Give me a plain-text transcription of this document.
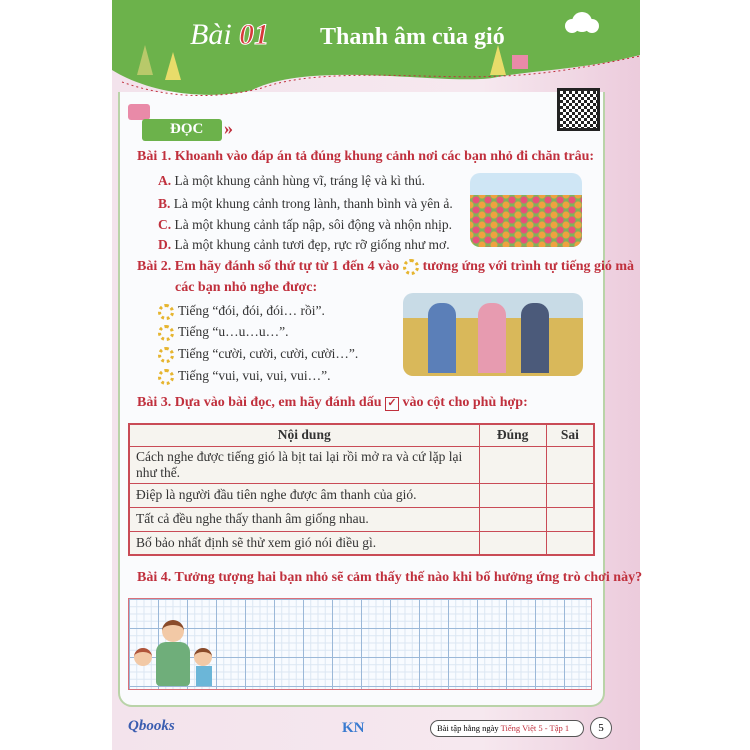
Bài 01 Thanh âm của gió
ĐỌC	»
Bài 1. Khoanh vào đáp án tả đúng khung cảnh nơi các bạn nhỏ đi chăn trâu:
A. Là một khung cảnh hùng vĩ, tráng lệ và kì thú.
B. Là một khung cảnh trong lành, thanh bình và yên ả.
C. Là một khung cảnh tấp nập, sôi động và nhộn nhịp.
D. Là một khung cảnh tươi đẹp, rực rỡ giống như mơ.
Bài 2. Em hãy đánh số thứ tự từ 1 đến 4 vào tương ứng với trình tự tiếng gió mà
các bạn nhỏ nghe được:
Tiếng “đói, đói, đói… rồi”.
Tiếng “u…u…u…”.
Tiếng “cười, cười, cười, cười…”.
Tiếng “vui, vui, vui, vui…”.
Bài 3. Dựa vào bài đọc, em hãy đánh dấu ✓ vào cột cho phù hợp:
Nội dung	Đúng	Sai
Cách nghe được tiếng gió là bịt tai lại rồi mở ra và cứ lặp lại như thế.		
Điệp là người đầu tiên nghe được âm thanh của gió.		
Tất cả đều nghe thấy thanh âm giống nhau.		
Bố bảo nhất định sẽ thử xem gió nói điều gì.		
Bài 4. Tưởng tượng hai bạn nhỏ sẽ cảm thấy thế nào khi bố hưởng ứng trò chơi này?
Qbooks	KN	Bài tập hằng ngày Tiếng Việt 5 - Tập 1	5
